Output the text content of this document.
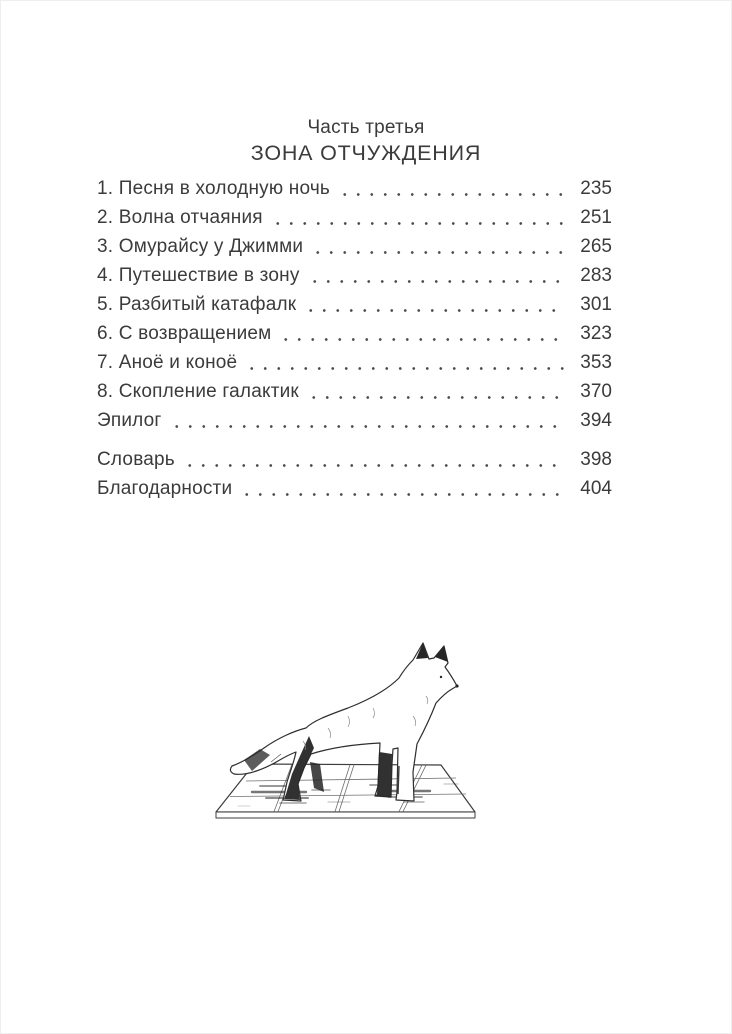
Часть третья
ЗОНА ОТЧУЖДЕНИЯ
1. Песня в холодную ночь	235
2. Волна отчаяния	251
3. Омурайсу у Джимми	265
4. Путешествие в зону	283
5. Разбитый катафалк	301
6. С возвращением	323
7. Аноё и коноё	353
8. Скопление галактик	370
Эпилог	394
Словарь	398
Благодарности	404
